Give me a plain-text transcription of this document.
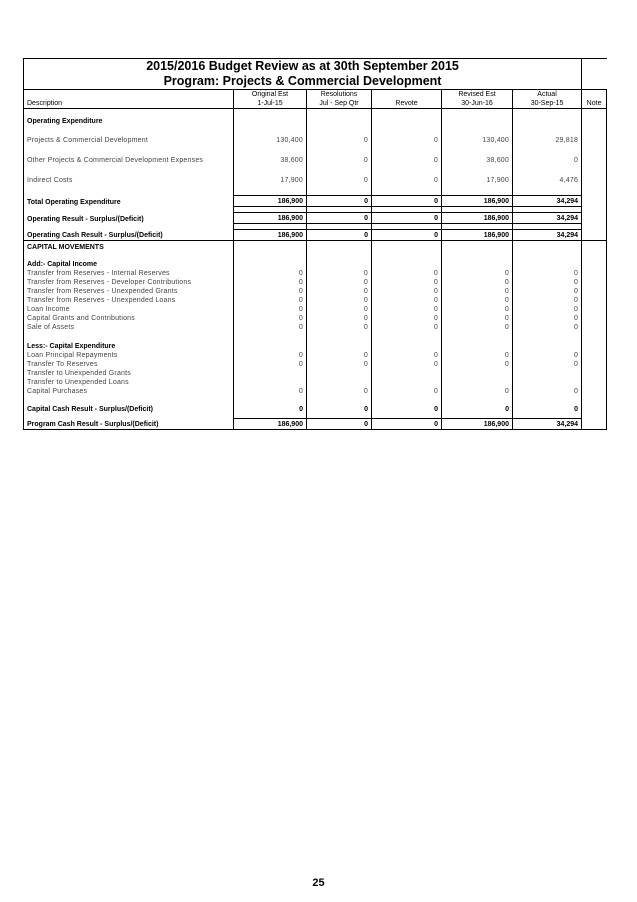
2015/2016 Budget Review as at 30th September 2015						
Program: Projects & Commercial Development						
	Original Est	Resolutions		Revised Est	Actual	
Description	1-Jul-15	Jul - Sep Qtr	Revote	30-Jun-16	30-Sep-15	Note

Operating Expenditure						

Projects & Commercial Development	130,400	0	0	130,400	29,818	

Other Projects & Commercial Development Expenses	38,600	0	0	38,600	0	

Indirect Costs	17,900	0	0	17,900	4,476	

Total Operating Expenditure	186,900	0	0	186,900	34,294	

Operating Result - Surplus/(Deficit)	186,900	0	0	186,900	34,294	

Operating Cash Result - Surplus/(Deficit)	186,900	0	0	186,900	34,294	
CAPITAL MOVEMENTS						

Add:- Capital Income						
Transfer from Reserves - Internal Reserves	0	0	0	0	0	
Transfer from Reserves - Developer Contributions	0	0	0	0	0	
Transfer from Reserves - Unexpended Grants	0	0	0	0	0	
Transfer from Reserves - Unexpended Loans	0	0	0	0	0	
Loan Income	0	0	0	0	0	
Capital Grants and Contributions	0	0	0	0	0	
Sale of Assets	0	0	0	0	0	

Less:- Capital Expenditure						
Loan Principal Repayments	0	0	0	0	0	
Transfer To Reserves	0	0	0	0	0	
Transfer to Unexpended Grants						
Transfer to Unexpended Loans						
Capital Purchases	0	0	0	0	0	

Capital Cash Result - Surplus/(Deficit)	0	0	0	0	0	

Program Cash Result - Surplus/(Deficit)	186,900	0	0	186,900	34,294	
25
